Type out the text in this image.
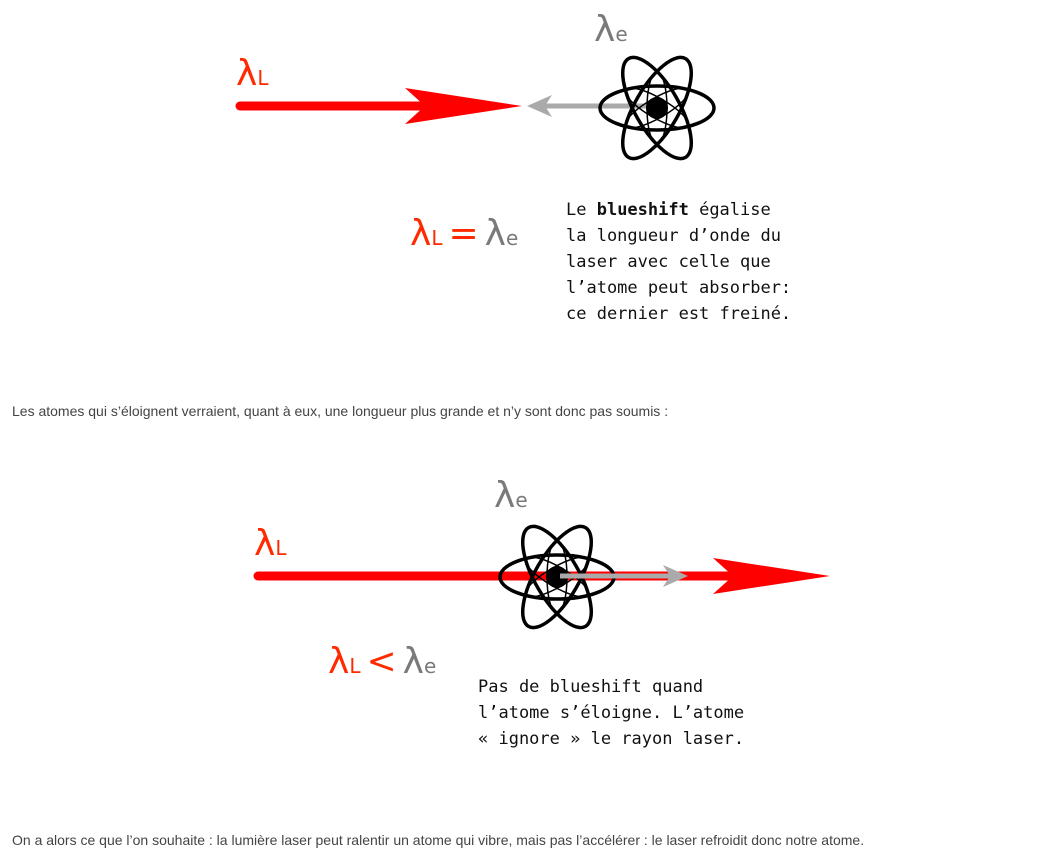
λL
λe
λL = λe
Le blueshift égalise
la longueur d’onde du
laser avec celle que
l’atome peut absorber:
ce dernier est freiné.
Les atomes qui s’éloignent verraient, quant à eux, une longueur plus grande et n’y sont donc pas soumis :
λL
λe
λL < λe
Pas de blueshift quand
l’atome s’éloigne. L’atome
« ignore » le rayon laser.
On a alors ce que l’on souhaite : la lumière laser peut ralentir un atome qui vibre, mais pas l’accélérer : le laser refroidit donc notre atome.
